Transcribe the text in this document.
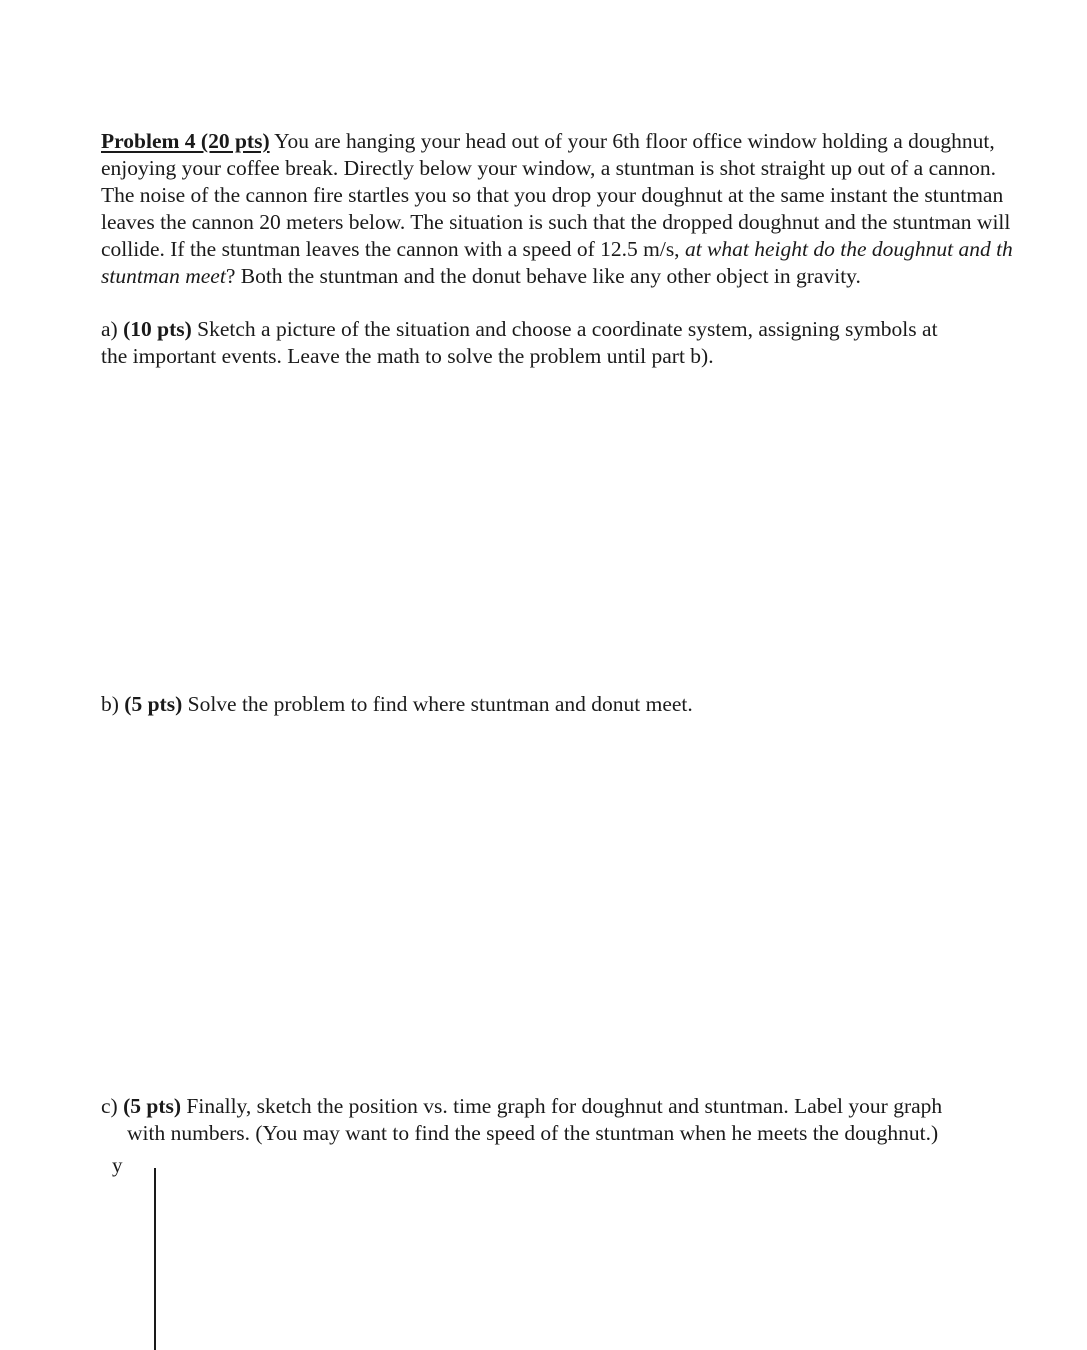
Problem 4 (20 pts) You are hanging your head out of your 6th floor office window holding a doughnut,
enjoying your coffee break. Directly below your window, a stuntman is shot straight up out of a cannon.
The noise of the cannon fire startles you so that you drop your doughnut at the same instant the stuntman
leaves the cannon 20 meters below. The situation is such that the dropped doughnut and the stuntman will
collide. If the stuntman leaves the cannon with a speed of 12.5 m/s, at what height do the doughnut and th
stuntman meet? Both the stuntman and the donut behave like any other object in gravity.
a) (10 pts) Sketch a picture of the situation and choose a coordinate system, assigning symbols at
the important events. Leave the math to solve the problem until part b).
b) (5 pts) Solve the problem to find where stuntman and donut meet.
c) (5 pts) Finally, sketch the position vs. time graph for doughnut and stuntman. Label your graph
with numbers. (You may want to find the speed of the stuntman when he meets the doughnut.)
y
